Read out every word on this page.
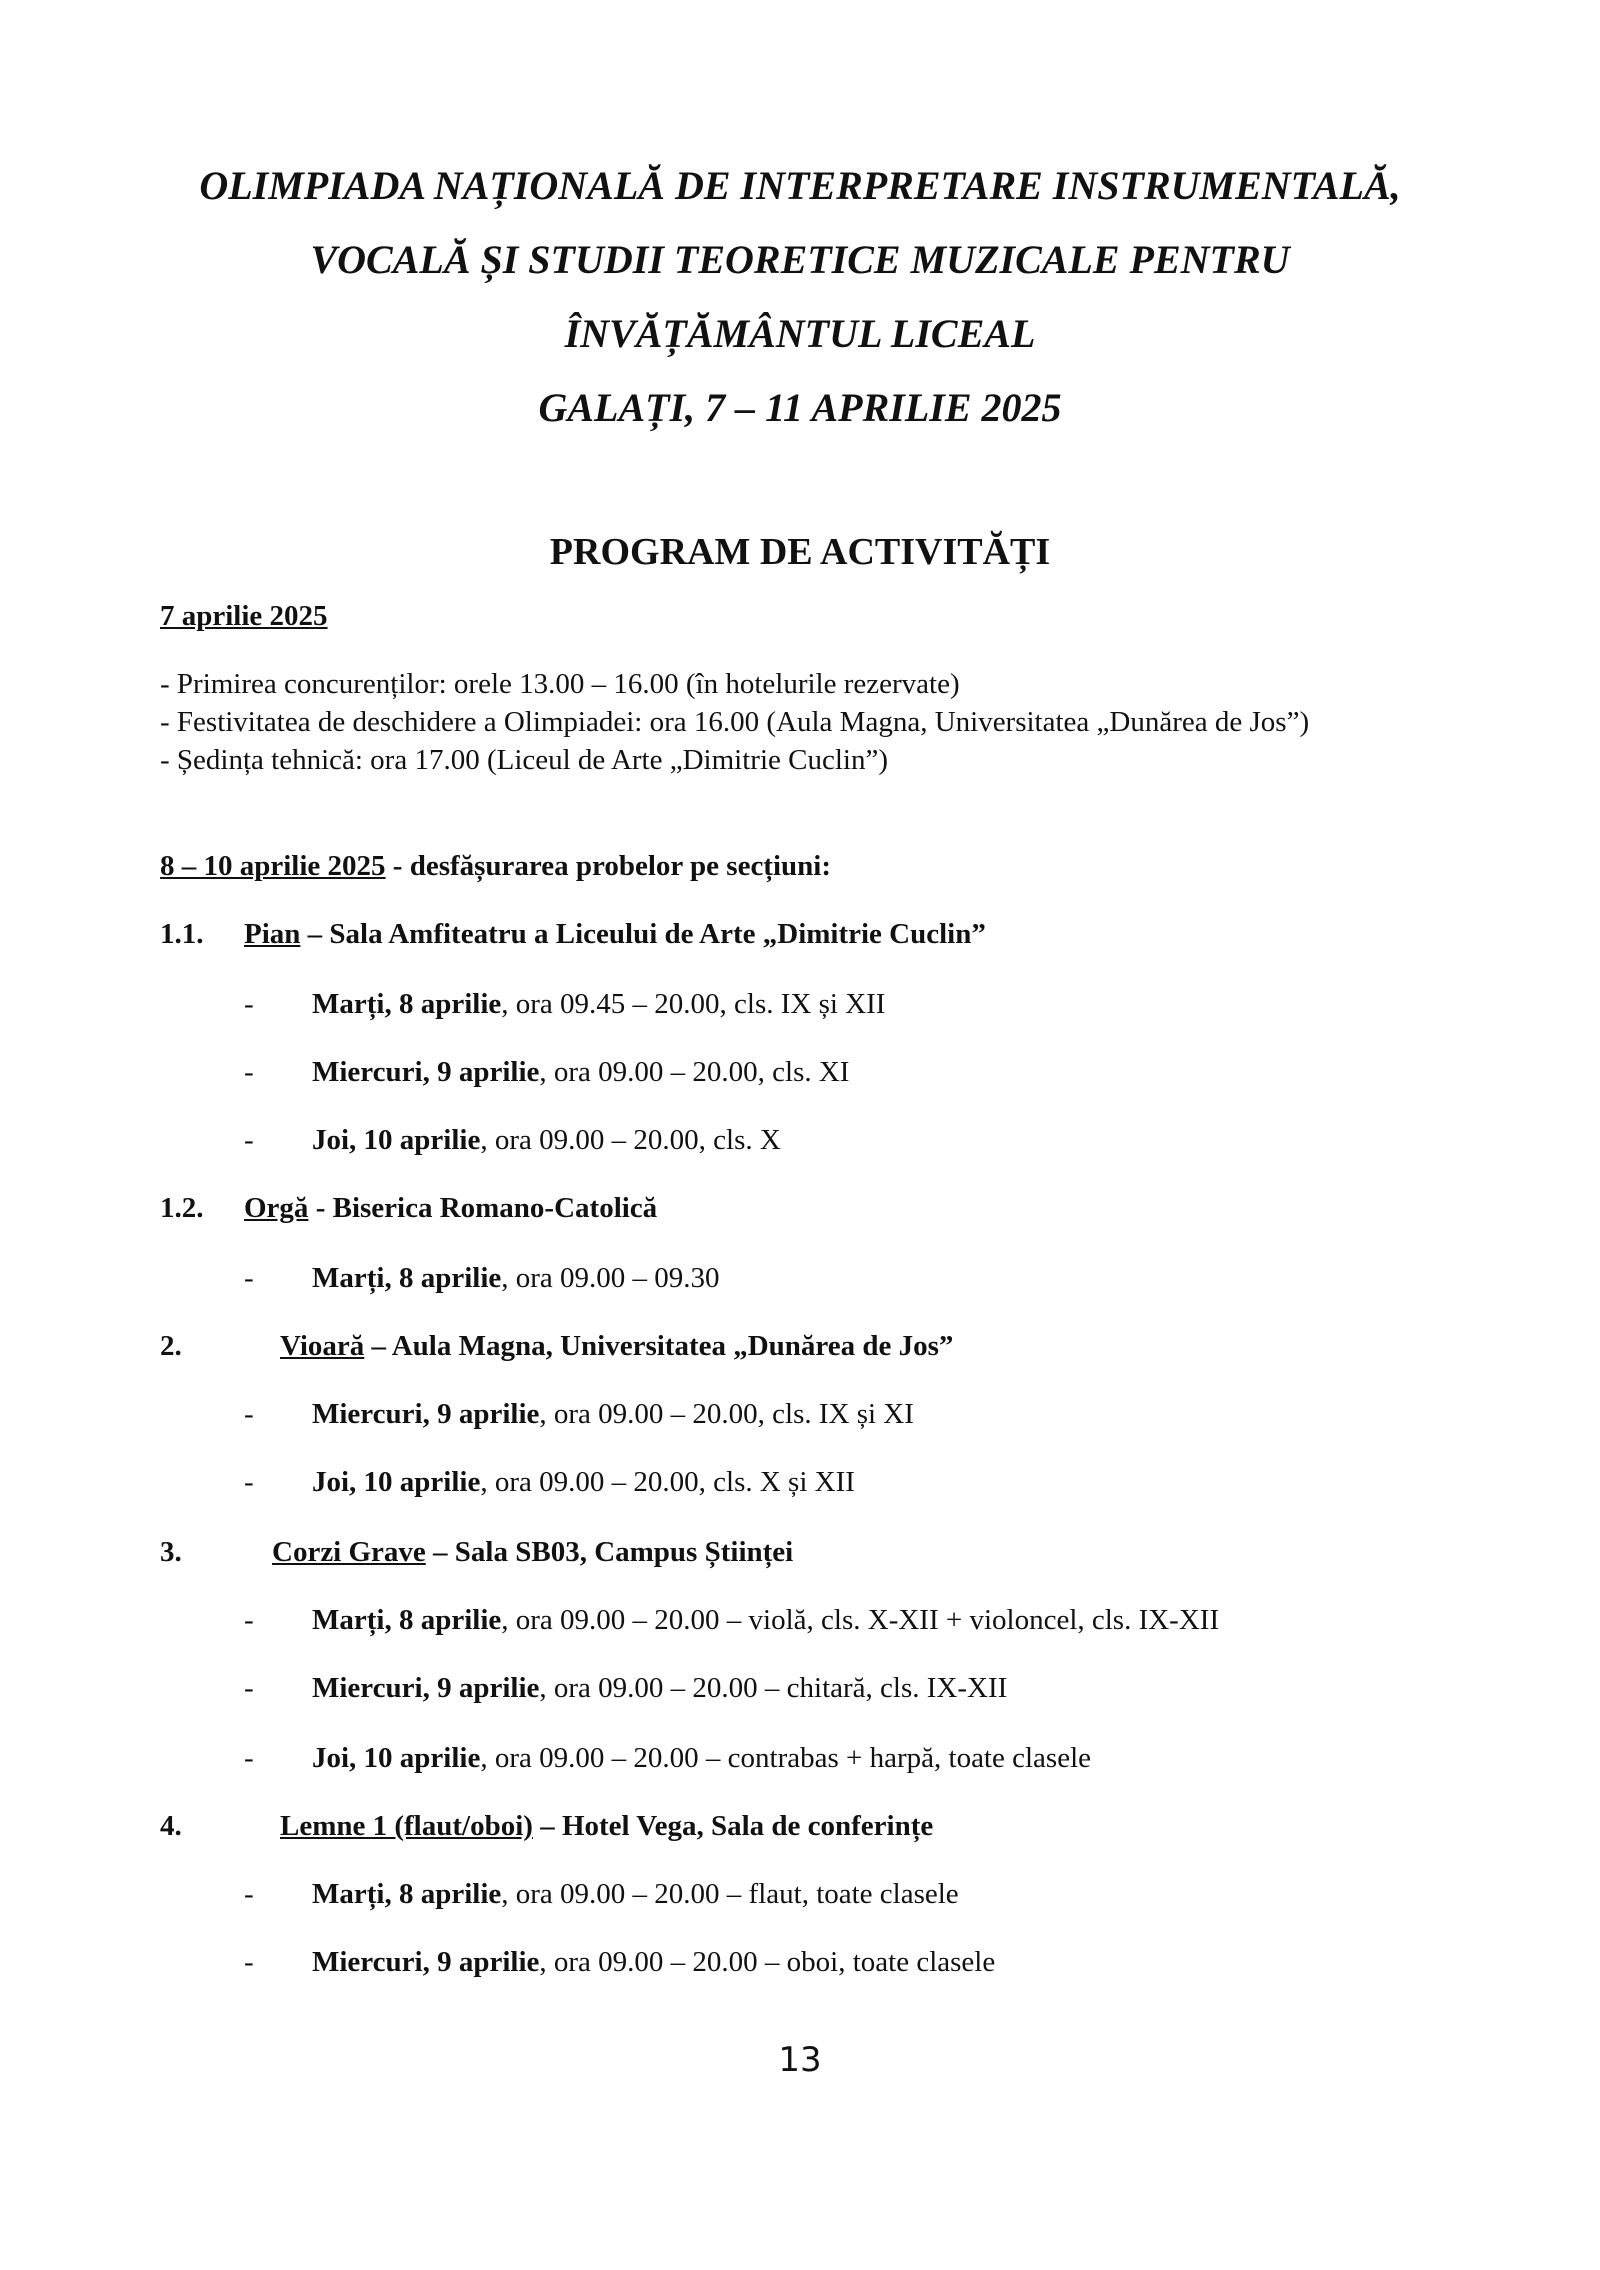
OLIMPIADA NAȚIONALĂ DE INTERPRETARE INSTRUMENTALĂ,

VOCALĂ ȘI STUDII TEORETICE MUZICALE PENTRU

ÎNVĂȚĂMÂNTUL LICEAL

GALAȚI, 7 – 11 APRILIE 2025

PROGRAM DE ACTIVITĂȚI

7 aprilie 2025
- Primirea concurenților: orele 13.00 – 16.00 (în hotelurile rezervate)
- Festivitatea de deschidere a Olimpiadei: ora 16.00 (Aula Magna, Universitatea „Dunărea de Jos”)
- Ședința tehnică: ora 17.00 (Liceul de Arte „Dimitrie Cuclin”)
8 – 10 aprilie 2025 - desfășurarea probelor pe secțiuni:
1.1. Pian – Sala Amfiteatru a Liceului de Arte „Dimitrie Cuclin”
- Marți, 8 aprilie, ora 09.45 – 20.00, cls. IX și XII
- Miercuri, 9 aprilie, ora 09.00 – 20.00, cls. XI
- Joi, 10 aprilie, ora 09.00 – 20.00, cls. X
1.2. Orgă - Biserica Romano-Catolică
- Marți, 8 aprilie, ora 09.00 – 09.30
2.	Vioară – Aula Magna, Universitatea „Dunărea de Jos”
- Miercuri, 9 aprilie, ora 09.00 – 20.00, cls. IX și XI
- Joi, 10 aprilie, ora 09.00 – 20.00, cls. X și XII
3.	Corzi Grave – Sala SB03, Campus Științei
- Marți, 8 aprilie, ora 09.00 – 20.00 – violă, cls. X-XII + violoncel, cls. IX-XII
- Miercuri, 9 aprilie, ora 09.00 – 20.00 – chitară, cls. IX-XII
- Joi, 10 aprilie, ora 09.00 – 20.00 – contrabas + harpă, toate clasele
4.	Lemne 1 (flaut/oboi) – Hotel Vega, Sala de conferințe
- Marți, 8 aprilie, ora 09.00 – 20.00 – flaut, toate clasele
- Miercuri, 9 aprilie, ora 09.00 – 20.00 – oboi, toate clasele
13
